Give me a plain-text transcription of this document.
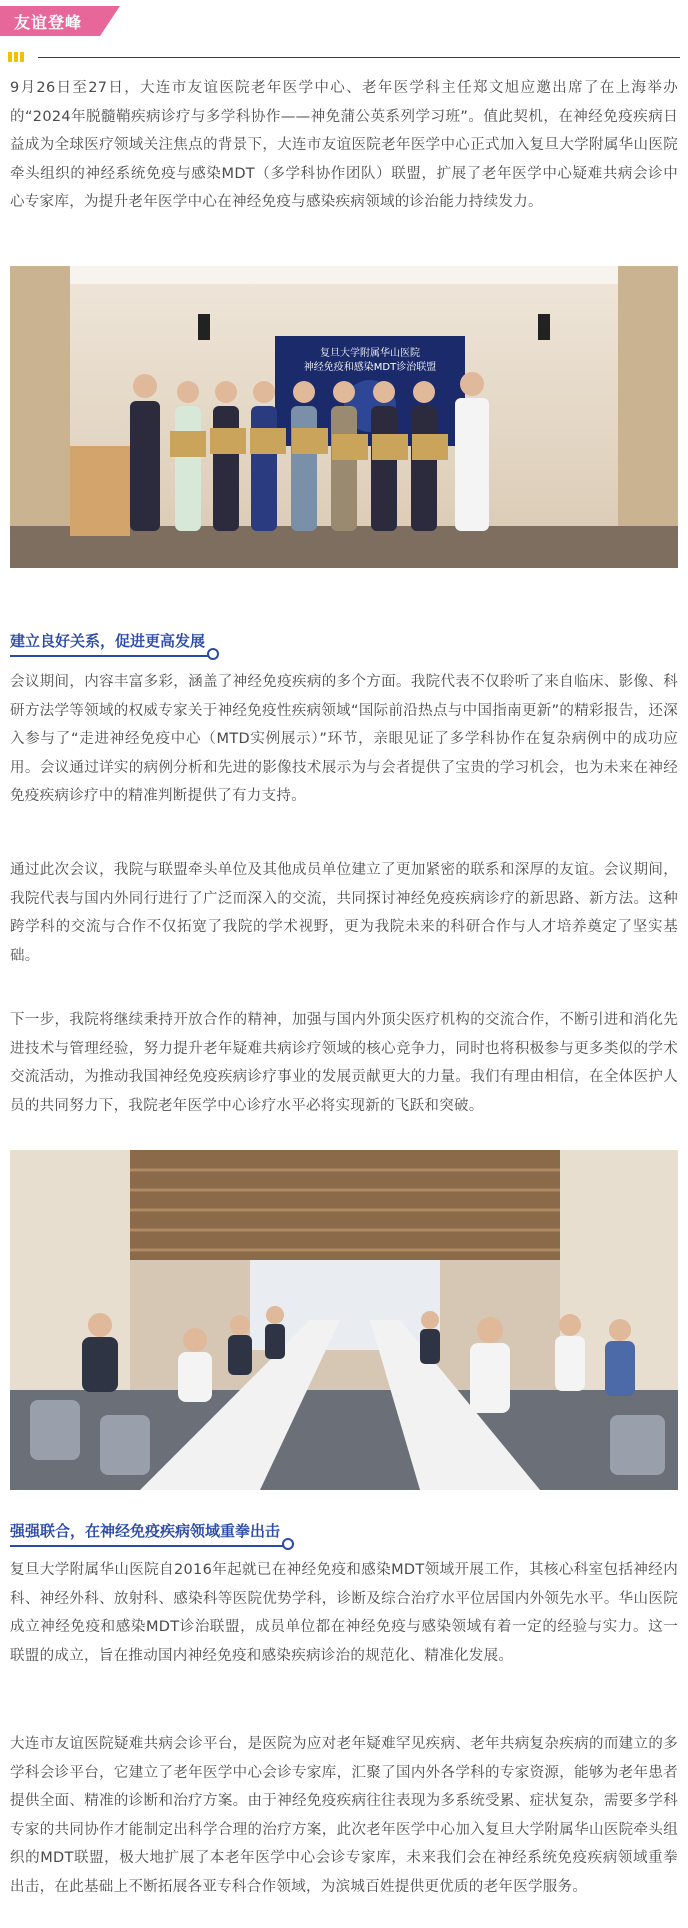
友谊登峰
9月26日至27日，大连市友谊医院老年医学中心、老年医学科主任郑文旭应邀出席了在上海举办的“2024年脱髓鞘疾病诊疗与多学科协作——神免蒲公英系列学习班”。值此契机，在神经免疫疾病日益成为全球医疗领域关注焦点的背景下，大连市友谊医院老年医学中心正式加入复旦大学附属华山医院牵头组织的神经系统免疫与感染MDT（多学科协作团队）联盟，扩展了老年医学中心疑难共病会诊中心专家库，为提升老年医学中心在神经免疫与感染疾病领域的诊治能力持续发力。
复旦大学附属华山医院
神经免疫和感染MDT诊治联盟
建立良好关系，促进更高发展
会议期间，内容丰富多彩，涵盖了神经免疫疾病的多个方面。我院代表不仅聆听了来自临床、影像、科研方法学等领域的权威专家关于神经免疫性疾病领域“国际前沿热点与中国指南更新”的精彩报告，还深入参与了“走进神经免疫中心（MTD实例展示）”环节，亲眼见证了多学科协作在复杂病例中的成功应用。会议通过详实的病例分析和先进的影像技术展示为与会者提供了宝贵的学习机会，也为未来在神经免疫疾病诊疗中的精准判断提供了有力支持。
通过此次会议，我院与联盟牵头单位及其他成员单位建立了更加紧密的联系和深厚的友谊。会议期间，我院代表与国内外同行进行了广泛而深入的交流，共同探讨神经免疫疾病诊疗的新思路、新方法。这种跨学科的交流与合作不仅拓宽了我院的学术视野，更为我院未来的科研合作与人才培养奠定了坚实基础。
下一步，我院将继续秉持开放合作的精神，加强与国内外顶尖医疗机构的交流合作，不断引进和消化先进技术与管理经验，努力提升老年疑难共病诊疗领域的核心竞争力，同时也将积极参与更多类似的学术交流活动，为推动我国神经免疫疾病诊疗事业的发展贡献更大的力量。我们有理由相信，在全体医护人员的共同努力下，我院老年医学中心诊疗水平必将实现新的飞跃和突破。
强强联合，在神经免疫疾病领域重拳出击
复旦大学附属华山医院自2016年起就已在神经免疫和感染MDT领域开展工作，其核心科室包括神经内科、神经外科、放射科、感染科等医院优势学科，诊断及综合治疗水平位居国内外领先水平。华山医院成立神经免疫和感染MDT诊治联盟，成员单位都在神经免疫与感染领域有着一定的经验与实力。这一联盟的成立，旨在推动国内神经免疫和感染疾病诊治的规范化、精准化发展。
大连市友谊医院疑难共病会诊平台，是医院为应对老年疑难罕见疾病、老年共病复杂疾病的而建立的多学科会诊平台，它建立了老年医学中心会诊专家库，汇聚了国内外各学科的专家资源，能够为老年患者提供全面、精准的诊断和治疗方案。由于神经免疫疾病往往表现为多系统受累、症状复杂，需要多学科专家的共同协作才能制定出科学合理的治疗方案，此次老年医学中心加入复旦大学附属华山医院牵头组织的MDT联盟，极大地扩展了本老年医学中心会诊专家库，未来我们会在神经系统免疫疾病领域重拳出击，在此基础上不断拓展各亚专科合作领域，为滨城百姓提供更优质的老年医学服务。
